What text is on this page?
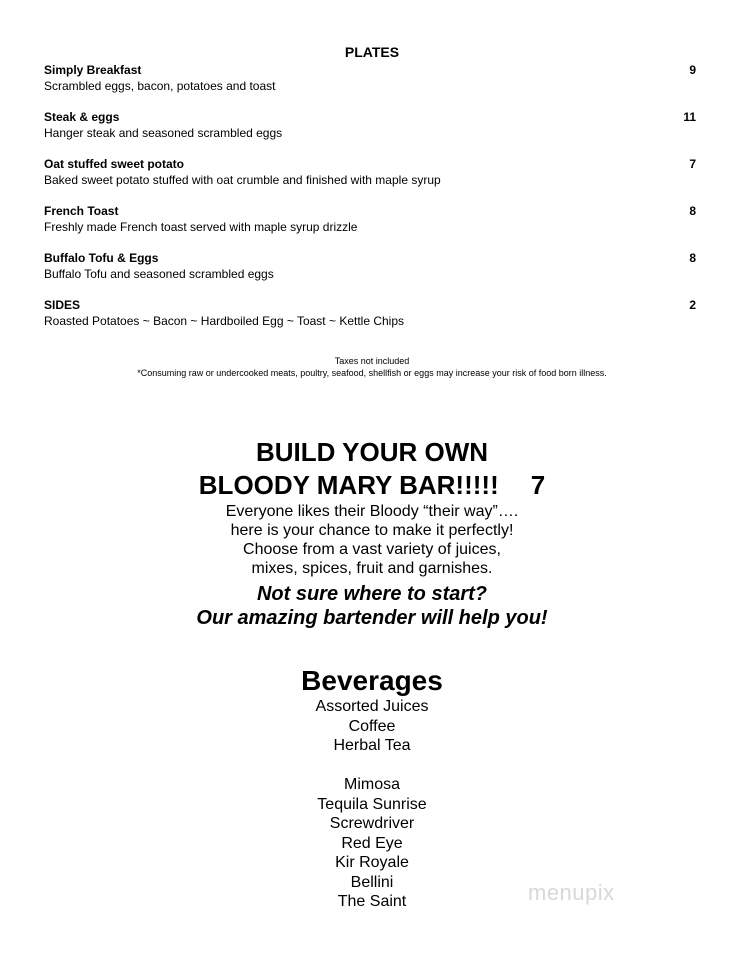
PLATES
Simply Breakfast
Scrambled eggs, bacon, potatoes and toast
9
Steak & eggs
Hanger steak and seasoned scrambled eggs
11
Oat stuffed sweet potato
Baked sweet potato stuffed with oat crumble and finished with maple syrup
7
French Toast
Freshly made French toast served with maple syrup drizzle
8
Buffalo Tofu & Eggs
Buffalo Tofu and seasoned scrambled eggs
8
SIDES
Roasted Potatoes ~ Bacon ~ Hardboiled Egg ~ Toast ~ Kettle Chips
2
Taxes not included
*Consuming raw or undercooked meats, poultry, seafood, shellfish or eggs may increase your risk of food born illness.
BUILD YOUR OWN
BLOODY MARY BAR!!!!! 7
Everyone likes their Bloody “their way”….
here is your chance to make it perfectly!
Choose from a vast variety of juices,
mixes, spices, fruit and garnishes.
Not sure where to start?
Our amazing bartender will help you!
Beverages
Assorted Juices
Coffee
Herbal Tea
Mimosa
Tequila Sunrise
Screwdriver
Red Eye
Kir Royale
Bellini
The Saint	menupix
